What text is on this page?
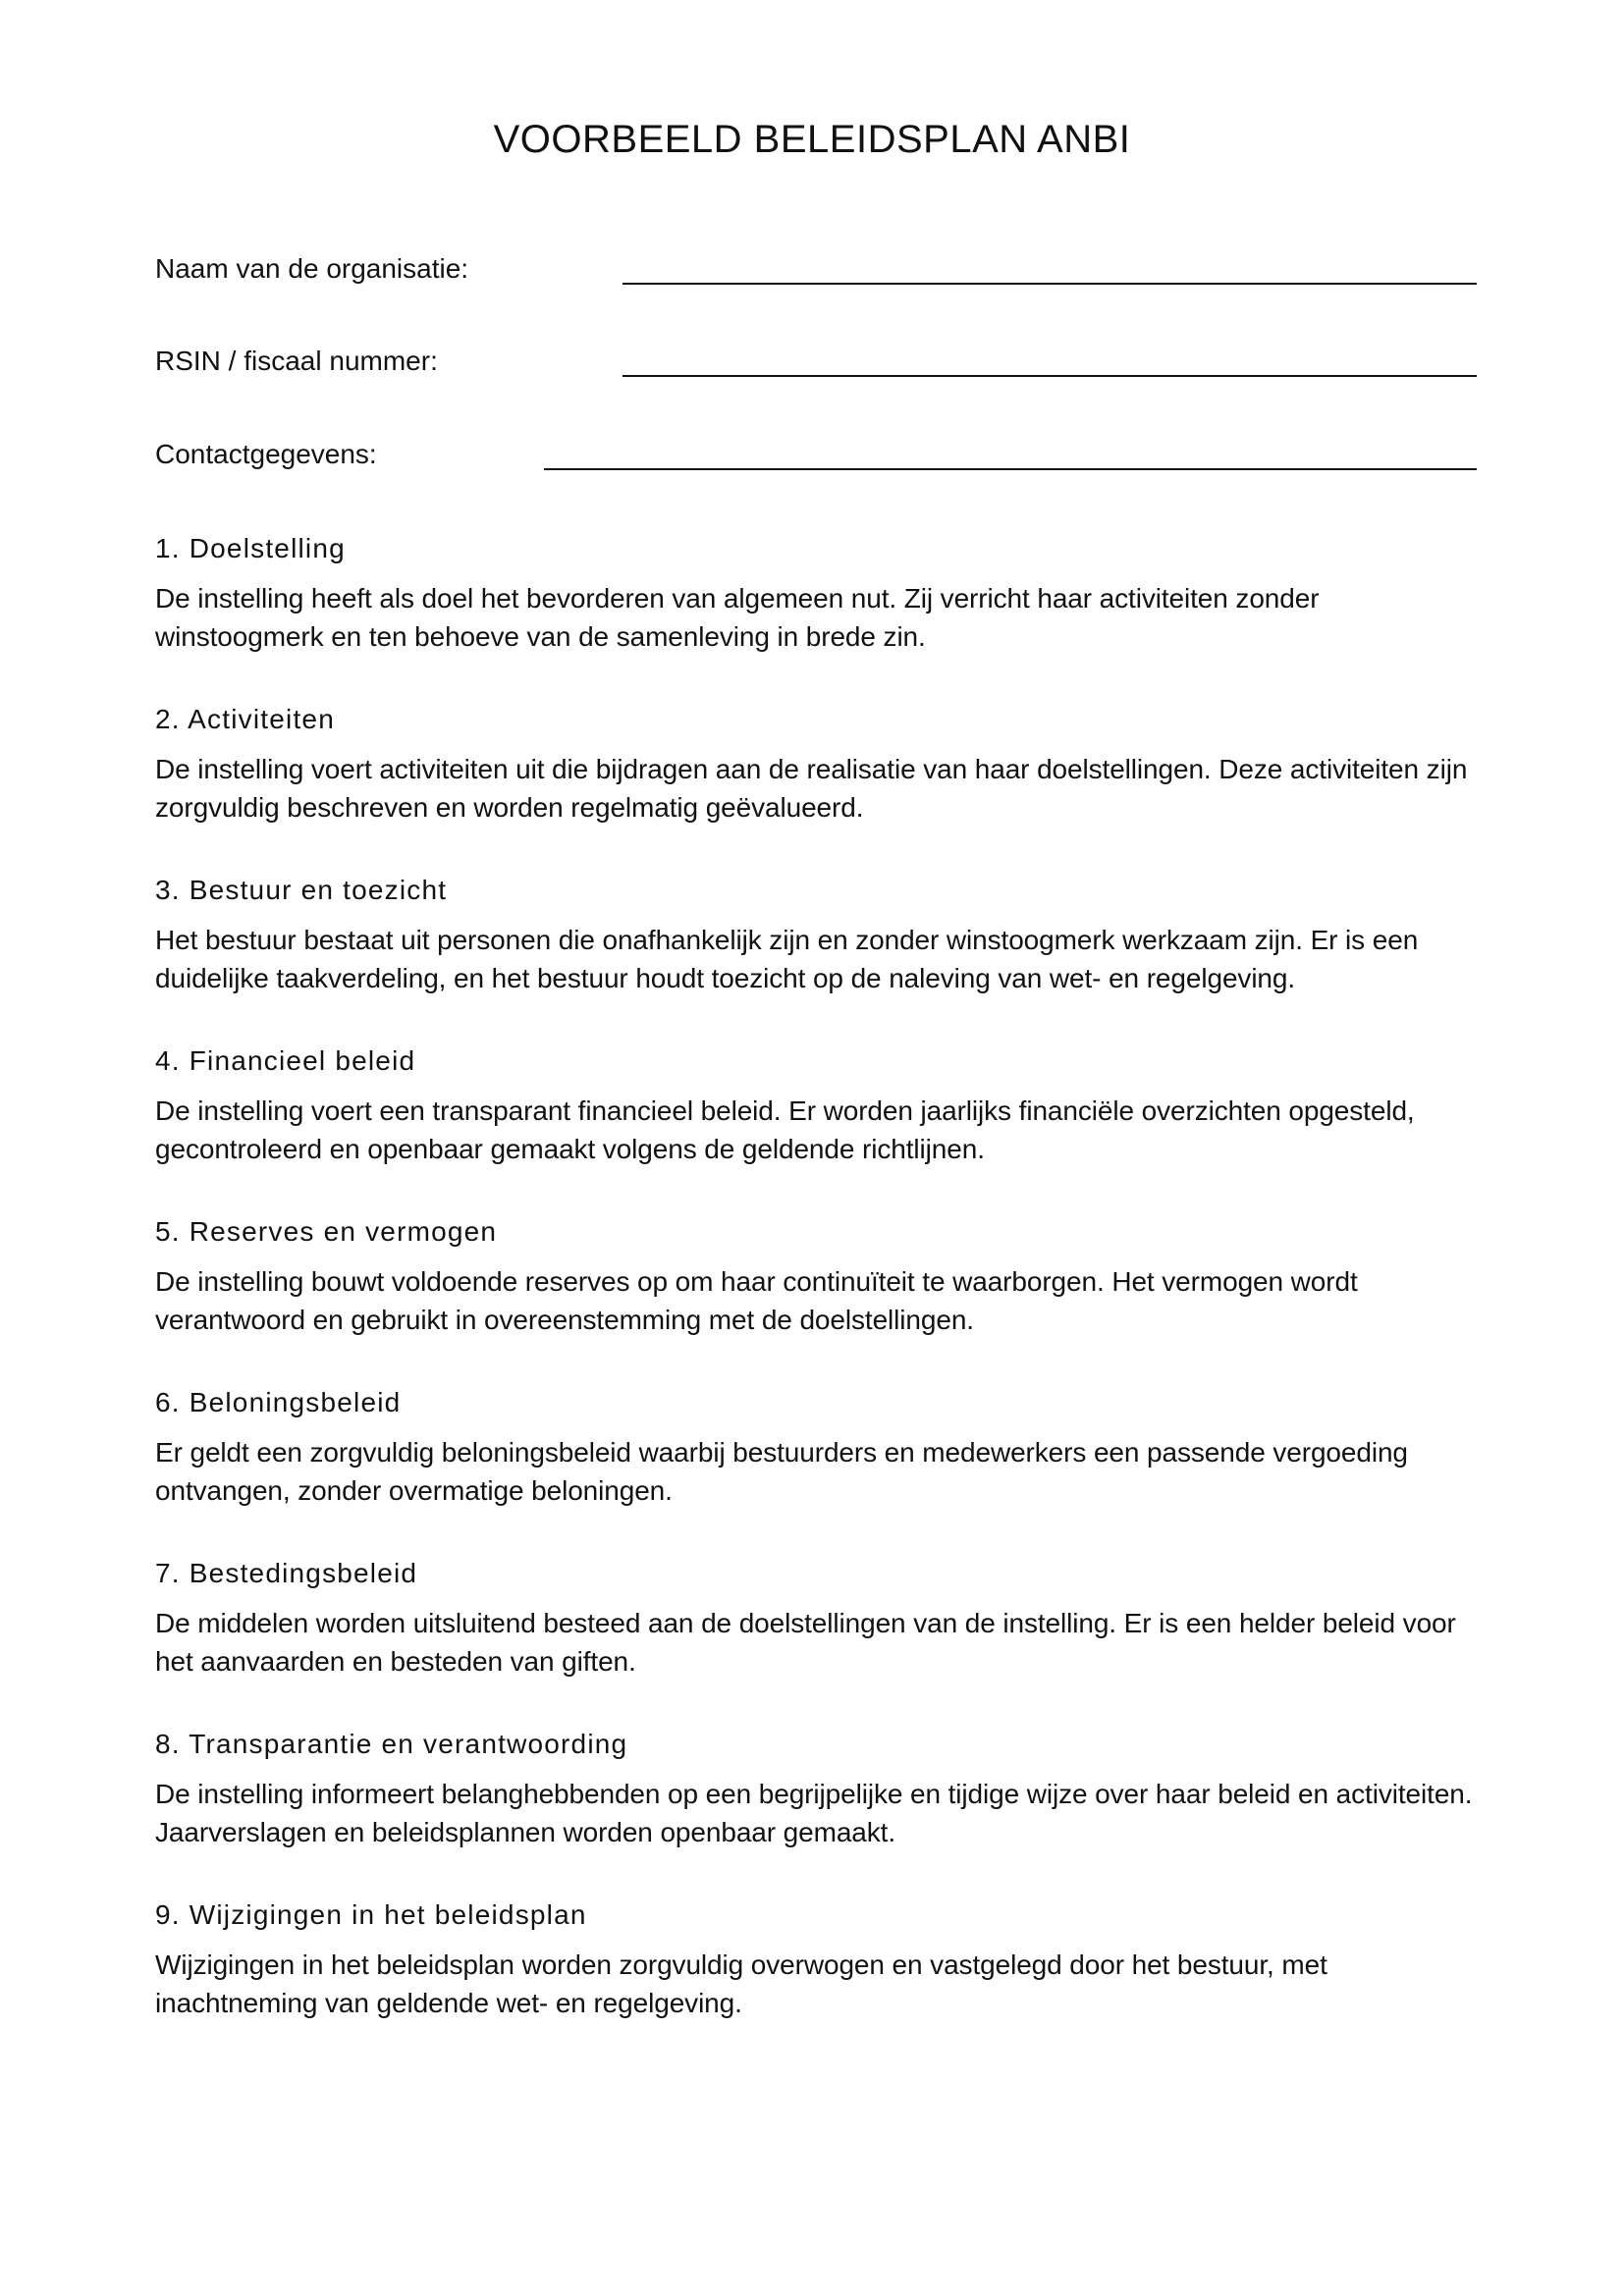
VOORBEELD BELEIDSPLAN ANBI
Naam van de organisatie:
RSIN / fiscaal nummer:
Contactgegevens:
1. Doelstelling

De instelling heeft als doel het bevorderen van algemeen nut. Zij verricht haar activiteiten zonder winstoogmerk en ten behoeve van de samenleving in brede zin.

2. Activiteiten

De instelling voert activiteiten uit die bijdragen aan de realisatie van haar doelstellingen. Deze activiteiten zijn zorgvuldig beschreven en worden regelmatig geëvalueerd.

3. Bestuur en toezicht

Het bestuur bestaat uit personen die onafhankelijk zijn en zonder winstoogmerk werkzaam zijn. Er is een duidelijke taakverdeling, en het bestuur houdt toezicht op de naleving van wet- en regelgeving.

4. Financieel beleid

De instelling voert een transparant financieel beleid. Er worden jaarlijks financiële overzichten opgesteld, gecontroleerd en openbaar gemaakt volgens de geldende richtlijnen.

5. Reserves en vermogen

De instelling bouwt voldoende reserves op om haar continuïteit te waarborgen. Het vermogen wordt verantwoord en gebruikt in overeenstemming met de doelstellingen.

6. Beloningsbeleid

Er geldt een zorgvuldig beloningsbeleid waarbij bestuurders en medewerkers een passende vergoeding ontvangen, zonder overmatige beloningen.

7. Bestedingsbeleid

De middelen worden uitsluitend besteed aan de doelstellingen van de instelling. Er is een helder beleid voor het aanvaarden en besteden van giften.

8. Transparantie en verantwoording

De instelling informeert belanghebbenden op een begrijpelijke en tijdige wijze over haar beleid en activiteiten. Jaarverslagen en beleidsplannen worden openbaar gemaakt.

9. Wijzigingen in het beleidsplan

Wijzigingen in het beleidsplan worden zorgvuldig overwogen en vastgelegd door het bestuur, met inachtneming van geldende wet- en regelgeving.
